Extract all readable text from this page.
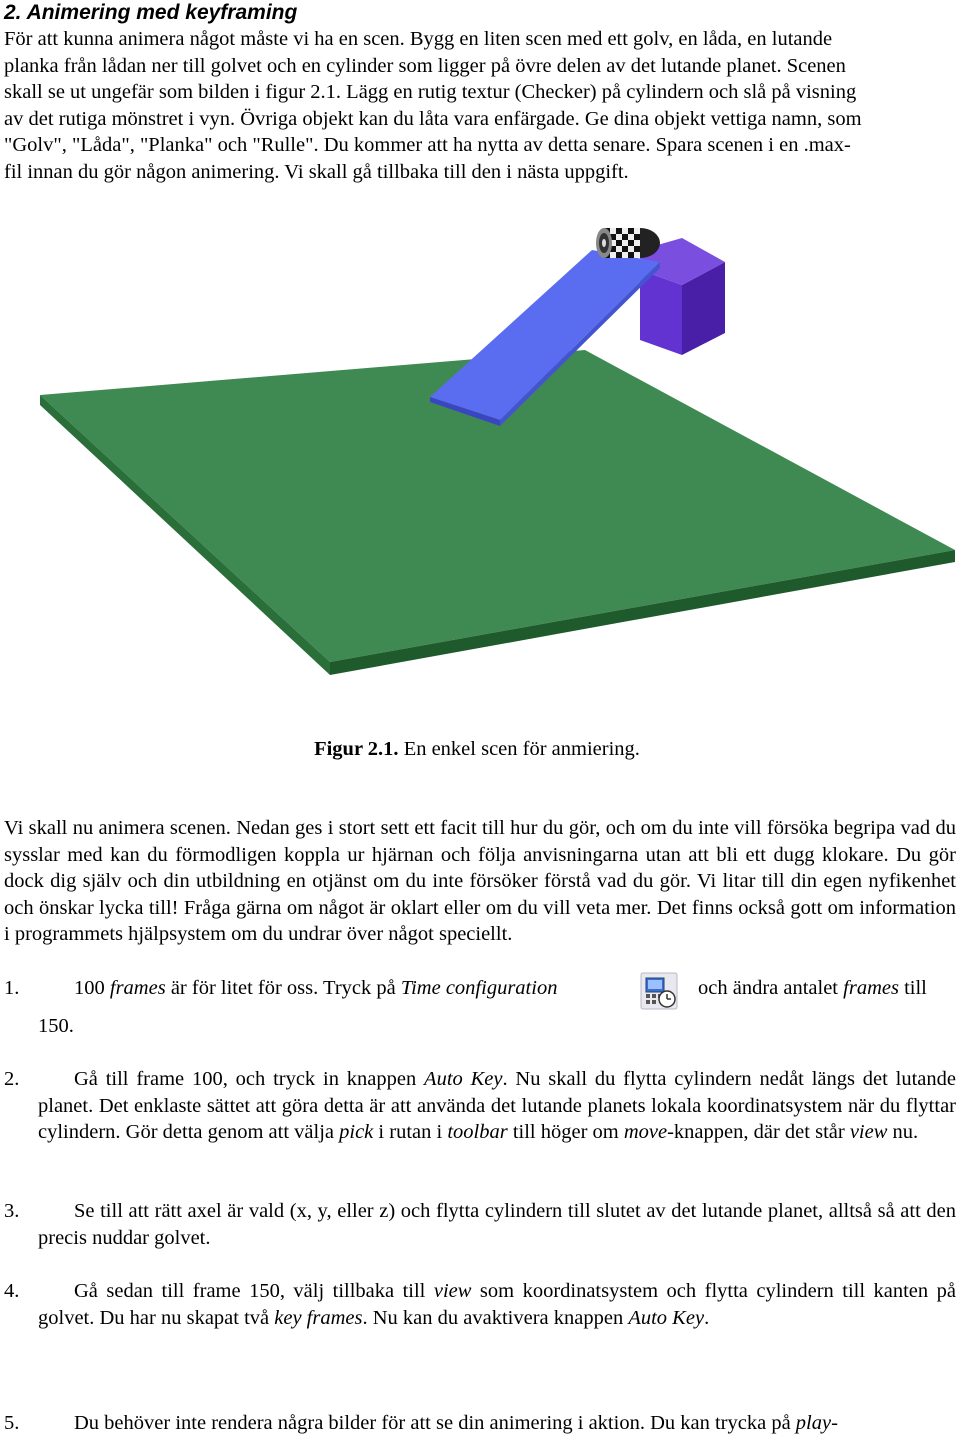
2. Animering med keyframing

För att kunna animera något måste vi ha en scen. Bygg en liten scen med ett golv, en låda, en lutande
planka från lådan ner till golvet och en cylinder som ligger på övre delen av det lutande planet. Scenen
skall se ut ungefär som bilden i figur 2.1. Lägg en rutig textur (Checker) på cylindern och slå på visning
av det rutiga mönstret i vyn. Övriga objekt kan du låta vara enfärgade. Ge dina objekt vettiga namn, som
"Golv", "Låda", "Planka" och "Rulle". Du kommer att ha nytta av detta senare. Spara scenen i en .max-
fil innan du gör någon animering. Vi skall gå tillbaka till den i nästa uppgift.

Figur 2.1. En enkel scen för anmiering.

Vi skall nu animera scenen. Nedan ges i stort sett ett facit till hur du gör, och om du inte vill försöka begripa vad du sysslar med kan du förmodligen koppla ur hjärnan och följa anvisningarna utan att bli ett dugg klokare. Du gör dock dig själv och din utbildning en otjänst om du inte försöker förstå vad du gör. Vi litar till din egen nyfikenhet och önskar lycka till! Fråga gärna om något är oklart eller om du vill veta mer. Det finns också gott om information i programmets hjälpsystem om du undrar över något speciellt.

1.	100 frames är för litet för oss. Tryck på Time configuration	och ändra antalet frames till
150.
2.	Gå till frame 100, och tryck in knappen Auto Key. Nu skall du flytta cylindern nedåt längs det lutande planet. Det enklaste sättet att göra detta är att använda det lutande planets lokala koordinatsystem när du flyttar cylindern. Gör detta genom att välja pick i rutan i toolbar till höger om move-knappen, där det står view nu.
3.	Se till att rätt axel är vald (x, y, eller z) och flytta cylindern till slutet av det lutande planet, alltså så att den precis nuddar golvet.
4.	Gå sedan till frame 150, välj tillbaka till view som koordinatsystem och flytta cylindern till kanten på golvet. Du har nu skapat två key frames. Nu kan du avaktivera knappen Auto Key.
5.	Du behöver inte rendera några bilder för att se din animering i aktion. Du kan trycka på play-
